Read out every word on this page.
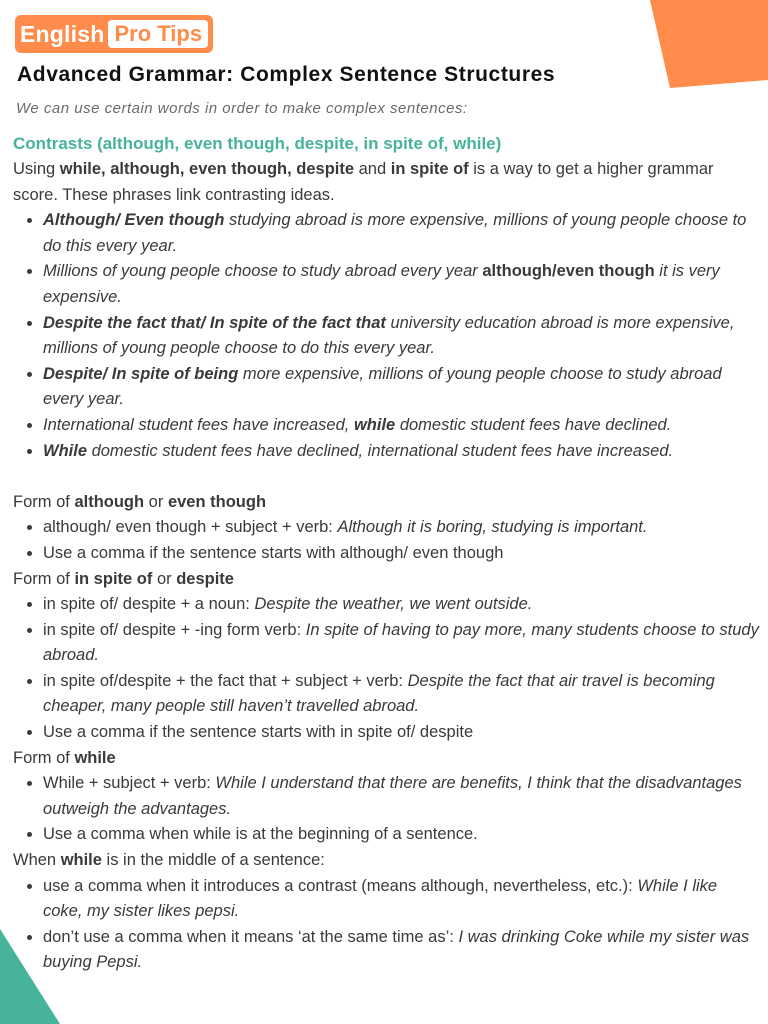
English Pro Tips
Advanced Grammar: Complex Sentence Structures

We can use certain words in order to make complex sentences:

Contrasts (although, even though, despite, in spite of, while)

Using while, although, even though, despite and in spite of is a way to get a higher grammar score. These phrases link contrasting ideas.

• Although/ Even though studying abroad is more expensive, millions of young people choose to do this every year.
• Millions of young people choose to study abroad every year although/even though it is very expensive.
• Despite the fact that/ In spite of the fact that university education abroad is more expensive, millions of young people choose to do this every year.
• Despite/ In spite of being more expensive, millions of young people choose to study abroad every year.
• International student fees have increased, while domestic student fees have declined.
• While domestic student fees have declined, international student fees have increased.

Form of although or even though

• although/ even though + subject + verb: Although it is boring, studying is important.
• Use a comma if the sentence starts with although/ even though

Form of in spite of or despite

• in spite of/ despite + a noun: Despite the weather, we went outside.
• in spite of/ despite + -ing form verb: In spite of having to pay more, many students choose to study abroad.
• in spite of/despite + the fact that + subject + verb: Despite the fact that air travel is becoming cheaper, many people still haven’t travelled abroad.
• Use a comma if the sentence starts with in spite of/ despite

Form of while

• While + subject + verb: While I understand that there are benefits, I think that the disadvantages outweigh the advantages.
• Use a comma when while is at the beginning of a sentence.

When while is in the middle of a sentence:

• use a comma when it introduces a contrast (means although, nevertheless, etc.): While I like coke, my sister likes pepsi.
• don’t use a comma when it means ‘at the same time as’: I was drinking Coke while my sister was buying Pepsi.
